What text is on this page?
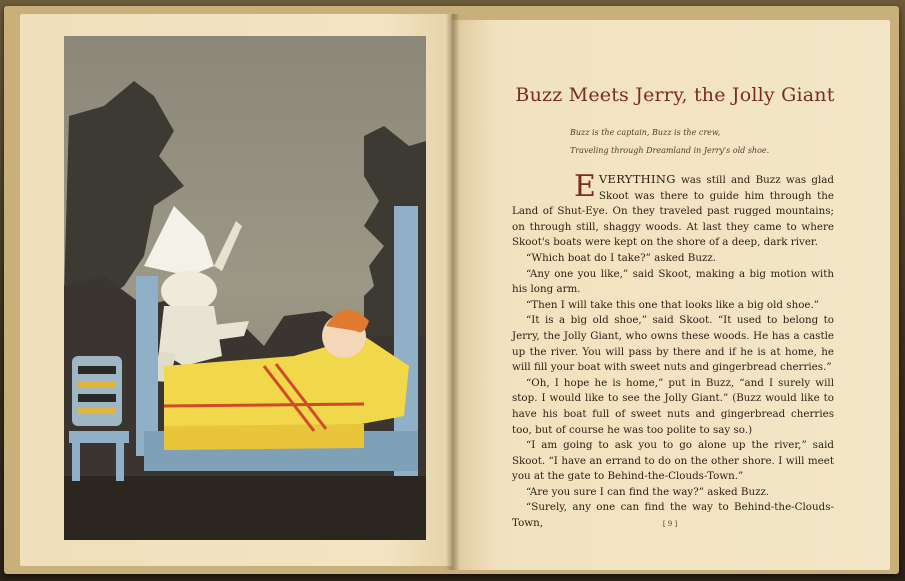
Buzz Meets Jerry, the Jolly Giant
Buzz is the captain, Buzz is the crew,
Traveling through Dreamland in Jerry's old shoe.

EVERYTHING was still and Buzz was glad Skoot was there to guide him through the Land of Shut-Eye. On they traveled past rugged mountains; on through still, shaggy woods. At last they came to where Skoot's boats were kept on the shore of a deep, dark river.

“Which boat do I take?” asked Buzz.

“Any one you like,” said Skoot, making a big motion with his long arm.

“Then I will take this one that looks like a big old shoe.”

“It is a big old shoe,” said Skoot. “It used to belong to Jerry, the Jolly Giant, who owns these woods. He has a castle up the river. You will pass by there and if he is at home, he will fill your boat with sweet nuts and gingerbread cherries.”

“Oh, I hope he is home,” put in Buzz, “and I surely will stop. I would like to see the Jolly Giant.” (Buzz would like to have his boat full of sweet nuts and gingerbread cherries too, but of course he was too polite to say so.)

“I am going to ask you to go alone up the river,” said Skoot. “I have an errand to do on the other shore. I will meet you at the gate to Behind-the-Clouds-Town.”

“Are you sure I can find the way?” asked Buzz.

“Surely, any one can find the way to Behind-the-Clouds-Town,	[ 9 ]
